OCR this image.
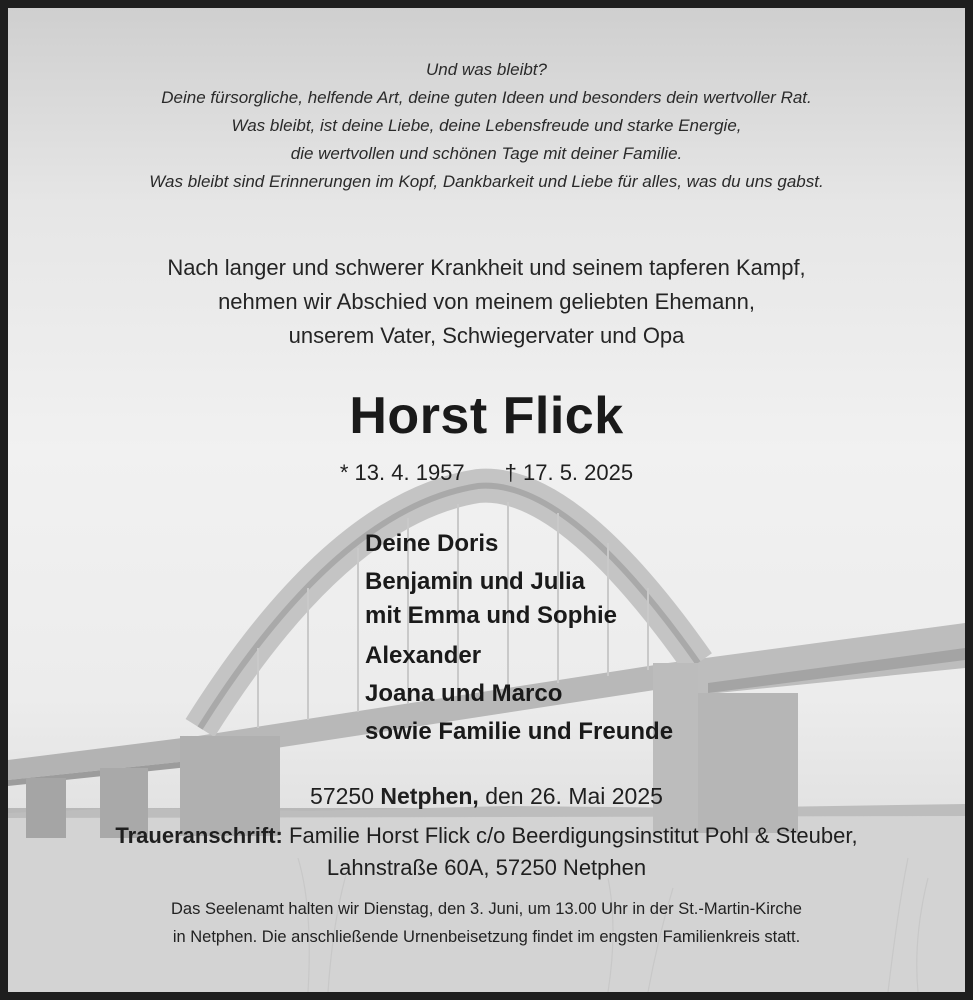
Und was bleibt?
Deine fürsorgliche, helfende Art, deine guten Ideen und besonders dein wertvoller Rat.
Was bleibt, ist deine Liebe, deine Lebensfreude und starke Energie,
die wertvollen und schönen Tage mit deiner Familie.
Was bleibt sind Erinnerungen im Kopf, Dankbarkeit und Liebe für alles, was du uns gabst.
Nach langer und schwerer Krankheit und seinem tapferen Kampf,
nehmen wir Abschied von meinem geliebten Ehemann,
unserem Vater, Schwiegervater und Opa
Horst Flick
* 13. 4. 1957 † 17. 5. 2025
Deine Doris
Benjamin und Julia
mit Emma und Sophie
Alexander
Joana und Marco
sowie Familie und Freunde
57250 Netphen, den 26. Mai 2025
Traueranschrift: Familie Horst Flick c/o Beerdigungsinstitut Pohl & Steuber,
Lahnstraße 60A, 57250 Netphen
Das Seelenamt halten wir Dienstag, den 3. Juni, um 13.00 Uhr in der St.-Martin-Kirche
in Netphen. Die anschließende Urnenbeisetzung findet im engsten Familienkreis statt.
